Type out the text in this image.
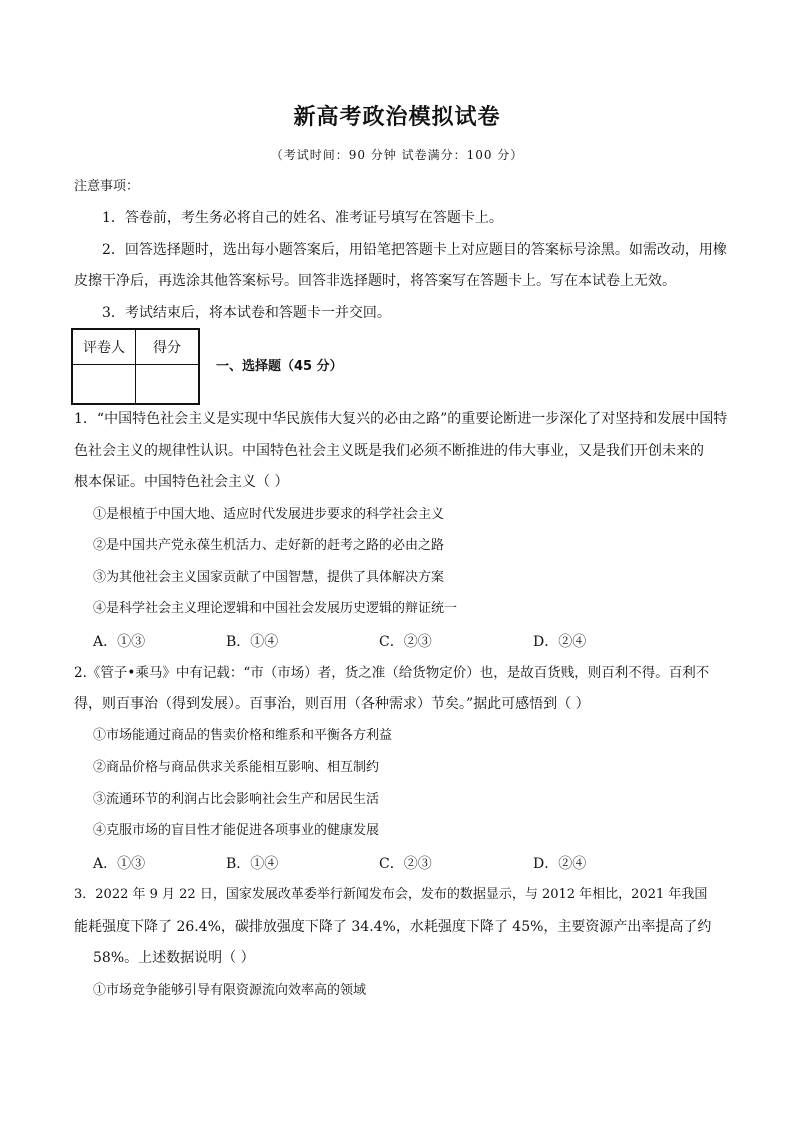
新高考政治模拟试卷
（考试时间：90 分钟 试卷满分：100 分）
注意事项：
1．答卷前，考生务必将自己的姓名、准考证号填写在答题卡上。
2．回答选择题时，选出每小题答案后，用铅笔把答题卡上对应题目的答案标号涂黑。如需改动，用橡
皮擦干净后，再选涂其他答案标号。回答非选择题时，将答案写在答题卡上。写在本试卷上无效。
3．考试结束后，将本试卷和答题卡一并交回。
评卷人	得分

一、选择题（45 分）
1．“中国特色社会主义是实现中华民族伟大复兴的必由之路”的重要论断进一步深化了对坚持和发展中国特
色社会主义的规律性认识。中国特色社会主义既是我们必须不断推进的伟大事业，又是我们开创未来的
根本保证。中国特色社会主义（ ）
①是根植于中国大地、适应时代发展进步要求的科学社会主义
②是中国共产党永葆生机活力、走好新的赶考之路的必由之路
③为其他社会主义国家贡献了中国智慧，提供了具体解决方案
④是科学社会主义理论逻辑和中国社会发展历史逻辑的辩证统一
A．①③	B．①④	C．②③	D．②④
2.《管子•乘马》中有记载：“市（市场）者，货之准（给货物定价）也，是故百货贱，则百利不得。百利不
得，则百事治（得到发展）。百事治，则百用（各种需求）节矣。”据此可感悟到（ ）
①市场能通过商品的售卖价格和维系和平衡各方利益
②商品价格与商品供求关系能相互影响、相互制约
③流通环节的利润占比会影响社会生产和居民生活
④克服市场的盲目性才能促进各项事业的健康发展
A．①③	B．①④	C．②③	D．②④
3．2022 年 9 月 22 日，国家发展改革委举行新闻发布会，发布的数据显示，与 2012 年相比，2021 年我国
能耗强度下降了 26.4%，碳排放强度下降了 34.4%，水耗强度下降了 45%，主要资源产出率提高了约
58%。上述数据说明（ ）
①市场竞争能够引导有限资源流向效率高的领域
